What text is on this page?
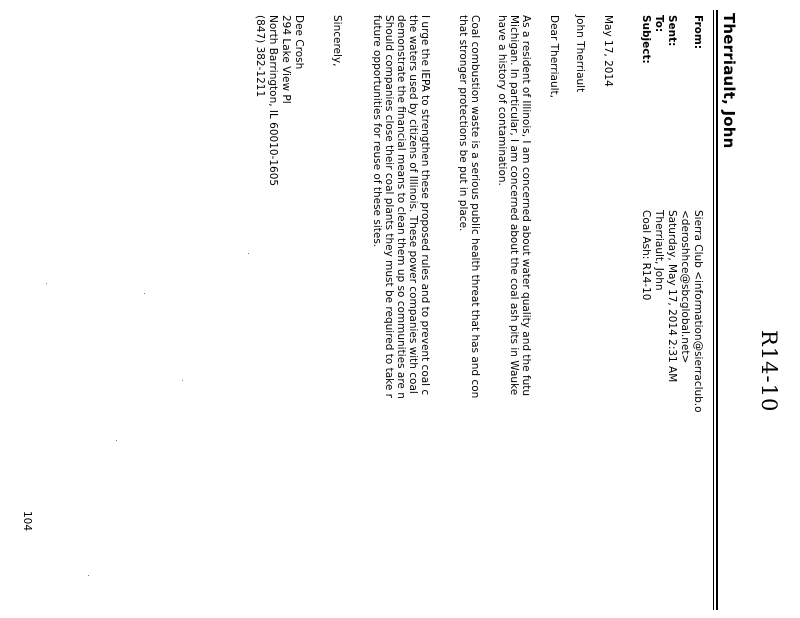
R14-10
Therriault, John
From:
Sierra Club <information@sierraclub.o
<deroshhce@sbcglobal.net>
Sent:
Saturday, May 17, 2014 2:31 AM
To:
Therriault, John
Subject:
Coal Ash: R14-10
May 17, 2014
John Therriault
Dear Therriault,
As a resident of Illinois, I am concerned about water quality and the futu
Michigan. In particular, I am concerned about the coal ash pits in Wauke
have a history of contamination.
Coal combustion waste is a serious public health threat that has and con
that stronger protections be put in place.
I urge the IEPA to strengthen these proposed rules and to prevent coal c
the waters used by citizens of Illinois. These power companies with coal
demonstrate the financial means to clean them up so communities are n
Should companies close their coal plants they must be required to take r
future opportunities for reuse of these sites.
Sincerely,
Dee Crosh
294 Lake View Pl
North Barrington, IL 60010-1605
(847) 382-1211
104
